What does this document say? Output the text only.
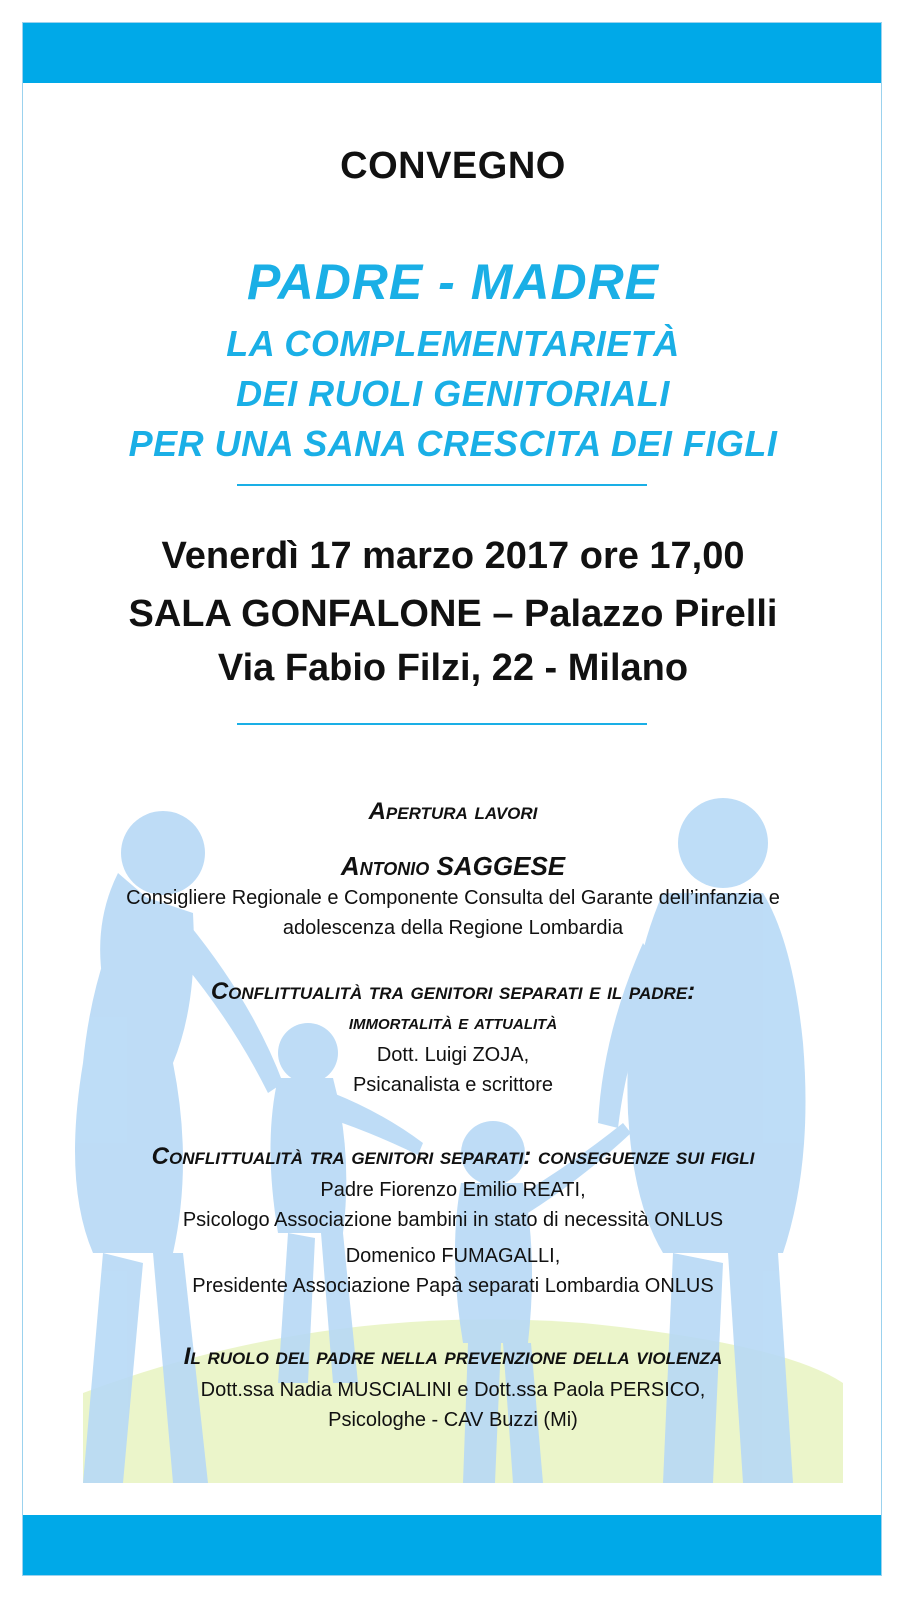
CONVEGNO
PADRE - MADRE
LA COMPLEMENTARIETÀ
DEI RUOLI GENITORIALI
PER UNA SANA CRESCITA DEI FIGLI
Venerdì 17 marzo 2017 ore 17,00
SALA GONFALONE – Palazzo Pirelli
Via Fabio Filzi, 22 - Milano
Apertura lavori
Antonio SAGGESE
Consigliere Regionale e Componente Consulta del Garante dell’infanzia e
adolescenza della Regione Lombardia
Conflittualità tra genitori separati e il padre:
immortalità e attualità
Dott. Luigi ZOJA,
Psicanalista e scrittore
Conflittualità tra genitori separati: conseguenze sui figli
Padre Fiorenzo Emilio REATI,
Psicologo Associazione bambini in stato di necessità ONLUS
Domenico FUMAGALLI,
Presidente Associazione Papà separati Lombardia ONLUS
Il ruolo del padre nella prevenzione della violenza
Dott.ssa Nadia MUSCIALINI e Dott.ssa Paola PERSICO,
Psicologhe - CAV Buzzi (Mi)
